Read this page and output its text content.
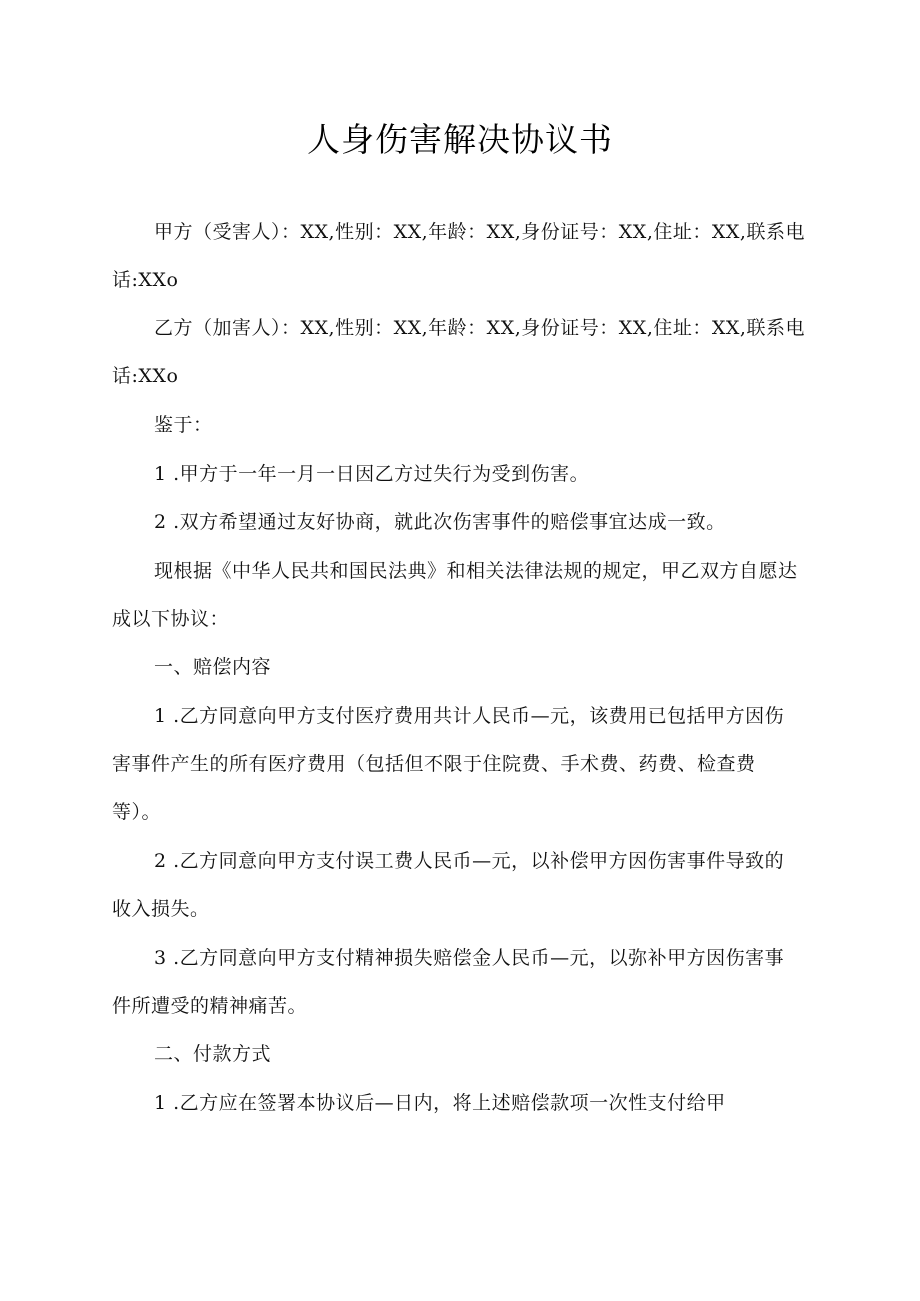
人身伤害解决协议书
甲方（受害人）：XX,性别：XX,年龄：XX,身份证号：XX,住址：XX,联系电
话:XXo
乙方（加害人）：XX,性别：XX,年龄：XX,身份证号：XX,住址：XX,联系电
话:XXo
鉴于：
1 .甲方于一年一月一日因乙方过失行为受到伤害。
2 .双方希望通过友好协商，就此次伤害事件的赔偿事宜达成一致。
现根据《中华人民共和国民法典》和相关法律法规的规定，甲乙双方自愿达
成以下协议：
一、赔偿内容
1 .乙方同意向甲方支付医疗费用共计人民币—元，该费用已包括甲方因伤
害事件产生的所有医疗费用（包括但不限于住院费、手术费、药费、检查费
等）。
2 .乙方同意向甲方支付误工费人民币—元，以补偿甲方因伤害事件导致的
收入损失。
3 .乙方同意向甲方支付精神损失赔偿金人民币—元，以弥补甲方因伤害事
件所遭受的精神痛苦。
二、付款方式
1 .乙方应在签署本协议后—日内，将上述赔偿款项一次性支付给甲
